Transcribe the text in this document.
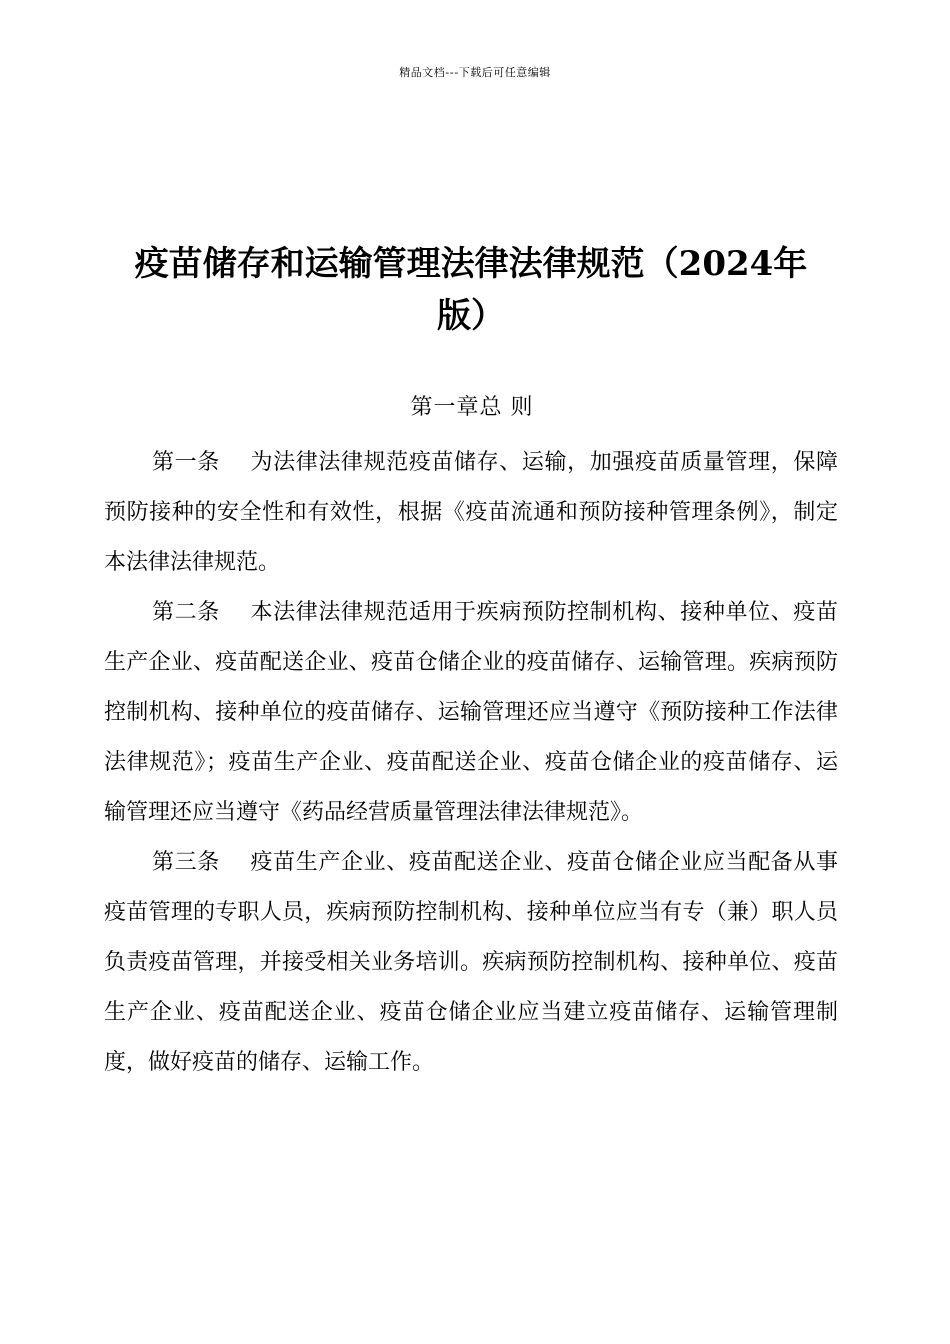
精品文档---下载后可任意编辑
疫苗储存和运输管理法律法律规范（2024年
版）
第一章总 则

第一条 为法律法律规范疫苗储存、运输，加强疫苗质量管理，保障预防接种的安全性和有效性，根据《疫苗流通和预防接种管理条例》，制定本法律法律规范。

第二条 本法律法律规范适用于疾病预防控制机构、接种单位、疫苗生产企业、疫苗配送企业、疫苗仓储企业的疫苗储存、运输管理。疾病预防控制机构、接种单位的疫苗储存、运输管理还应当遵守《预防接种工作法律法律规范》；疫苗生产企业、疫苗配送企业、疫苗仓储企业的疫苗储存、运输管理还应当遵守《药品经营质量管理法律法律规范》。

第三条 疫苗生产企业、疫苗配送企业、疫苗仓储企业应当配备从事疫苗管理的专职人员，疾病预防控制机构、接种单位应当有专（兼）职人员负责疫苗管理，并接受相关业务培训。疾病预防控制机构、接种单位、疫苗生产企业、疫苗配送企业、疫苗仓储企业应当建立疫苗储存、运输管理制度，做好疫苗的储存、运输工作。
